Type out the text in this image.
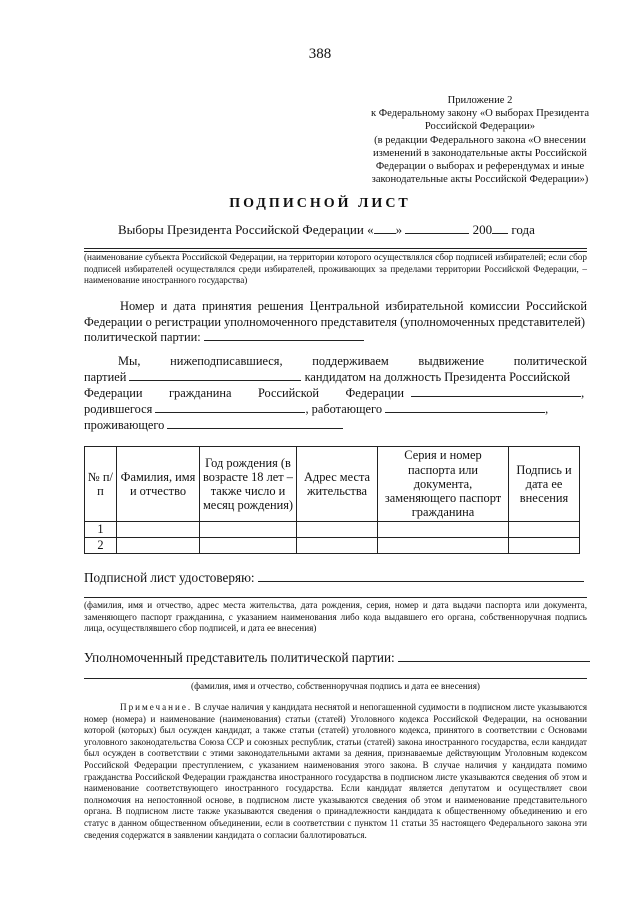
388
Приложение 2
к Федеральному закону «О выборах Президента
Российской Федерации»
(в редакции Федерального закона «О внесении
изменений в законодательные акты Российской
Федерации о выборах и референдумах и иные
законодательные акты Российской Федерации»)
ПОДПИСНОЙ ЛИСТ
Выборы Президента Российской Федерации « »	200 года
(наименование субъекта Российской Федерации, на территории которого осуществлялся сбор подписей избирателей; если сбор подписей избирателей осуществлялся среди избирателей, проживающих за пределами территории Российской Федерации, – наименование иностранного государства)
Номер и дата принятия решения Центральной избирательной комиссии Российской Федерации о регистрации уполномоченного представителя (уполномоченных представителей)
политической партии:
Мы, нижеподписавшиеся, поддерживаем выдвижение политической
партией	кандидатом на должность Президента Российской
Федерации гражданина Российской Федерации	,
родившегося	, работающего	,
проживающего
№ п/п	Фамилия, имя и отчество	Год рождения (в возрасте 18 лет – также число и месяц рождения)	Адрес места жительства	Серия и номер паспорта или документа, заменяющего паспорт гражданина	Подпись и дата ее внесения
1					
2					
Подписной лист удостоверяю:
(фамилия, имя и отчество, адрес места жительства, дата рождения, серия, номер и дата выдачи паспорта или документа, заменяющего паспорт гражданина, с указанием наименования либо кода выдавшего его органа, собственноручная подпись лица, осуществлявшего сбор подписей, и дата ее внесения)
Уполномоченный представитель политической партии:
(фамилия, имя и отчество, собственноручная подпись и дата ее внесения)
Примечание. В случае наличия у кандидата неснятой и непогашенной судимости в подписном листе указываются номер (номера) и наименование (наименования) статьи (статей) Уголовного кодекса Российской Федерации, на основании которой (которых) был осужден кандидат, а также статьи (статей) уголовного кодекса, принятого в соответствии с Основами уголовного законодательства Союза ССР и союзных республик, статьи (статей) закона иностранного государства, если кандидат был осужден в соответствии с этими законодательными актами за деяния, признаваемые действующим Уголовным кодексом Российской Федерации преступлением, с указанием наименования этого закона. В случае наличия у кандидата помимо гражданства Российской Федерации гражданства иностранного государства в подписном листе указываются сведения об этом и наименование соответствующего иностранного государства. Если кандидат является депутатом и осуществляет свои полномочия на непостоянной основе, в подписном листе указываются сведения об этом и наименование представительного органа. В подписном листе также указываются сведения о принадлежности кандидата к общественному объединению и его статус в данном общественном объединении, если в соответствии с пунктом 11 статьи 35 настоящего Федерального закона эти сведения содержатся в заявлении кандидата о согласии баллотироваться.
